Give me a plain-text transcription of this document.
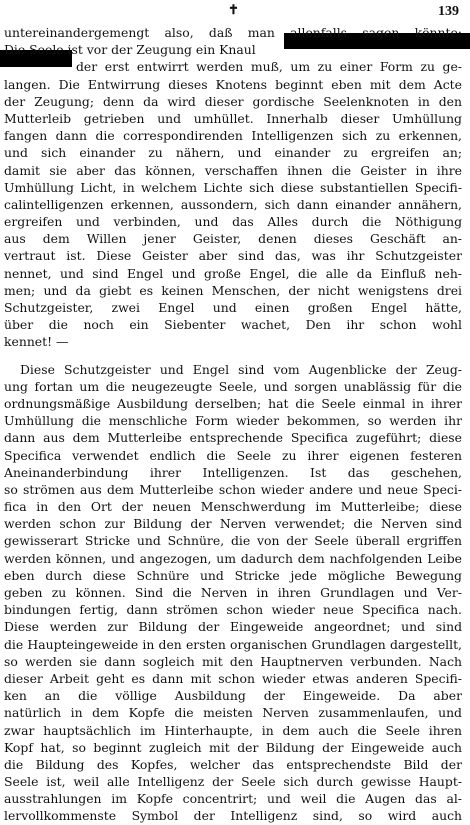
✝	139
untereinandergemengt also, daß man allenfalls sagen könnte:
Die Seele ist vor der Zeugung ein Knaul
der erst entwirrt werden muß, um zu einer Form zu ge-
langen. Die Entwirrung dieses Knotens beginnt eben mit dem Acte
der Zeugung; denn da wird dieser gordische Seelenknoten in den
Mutterleib getrieben und umhüllet. Innerhalb dieser Umhüllung
fangen dann die correspondirenden Intelligenzen sich zu erkennen,
und sich einander zu nähern, und einander zu ergreifen an;
damit sie aber das können, verschaffen ihnen die Geister in ihre
Umhüllung Licht, in welchem Lichte sich diese substantiellen Specifi-
calintelligenzen erkennen, aussondern, sich dann einander annähern,
ergreifen und verbinden, und das Alles durch die Nöthigung
aus dem Willen jener Geister, denen dieses Geschäft an-
vertraut ist. Diese Geister aber sind das, was ihr Schutzgeister
nennet, und sind Engel und große Engel, die alle da Einfluß neh-
men; und da giebt es keinen Menschen, der nicht wenigstens drei
Schutzgeister, zwei Engel und einen großen Engel hätte,
über die noch ein Siebenter wachet, Den ihr schon wohl
kennet! —
Diese Schutzgeister und Engel sind vom Augenblicke der Zeug-
ung fortan um die neugezeugte Seele, und sorgen unablässig für die
ordnungsmäßige Ausbildung derselben; hat die Seele einmal in ihrer
Umhüllung die menschliche Form wieder bekommen, so werden ihr
dann aus dem Mutterleibe entsprechende Specifica zugeführt; diese
Specifica verwendet endlich die Seele zu ihrer eigenen festeren
Aneinanderbindung ihrer Intelligenzen. Ist das geschehen,
so strömen aus dem Mutterleibe schon wieder andere und neue Speci-
fica in den Ort der neuen Menschwerdung im Mutterleibe; diese
werden schon zur Bildung der Nerven verwendet; die Nerven sind
gewisserart Stricke und Schnüre, die von der Seele überall ergriffen
werden können, und angezogen, um dadurch dem nachfolgenden Leibe
eben durch diese Schnüre und Stricke jede mögliche Bewegung
geben zu können. Sind die Nerven in ihren Grundlagen und Ver-
bindungen fertig, dann strömen schon wieder neue Specifica nach.
Diese werden zur Bildung der Eingeweide angeordnet; und sind
die Haupteingeweide in den ersten organischen Grundlagen dargestellt,
so werden sie dann sogleich mit den Hauptnerven verbunden. Nach
dieser Arbeit geht es dann mit schon wieder etwas anderen Specifi-
ken an die völlige Ausbildung der Eingeweide. Da aber
natürlich in dem Kopfe die meisten Nerven zusammenlaufen, und
zwar hauptsächlich im Hinterhaupte, in dem auch die Seele ihren
Kopf hat, so beginnt zugleich mit der Bildung der Eingeweide auch
die Bildung des Kopfes, welcher das entsprechendste Bild der
Seele ist, weil alle Intelligenz der Seele sich durch gewisse Haupt-
ausstrahlungen im Kopfe concentrirt; und weil die Augen das al-
lervollkommenste Symbol der Intelligenz sind, so wird auch
